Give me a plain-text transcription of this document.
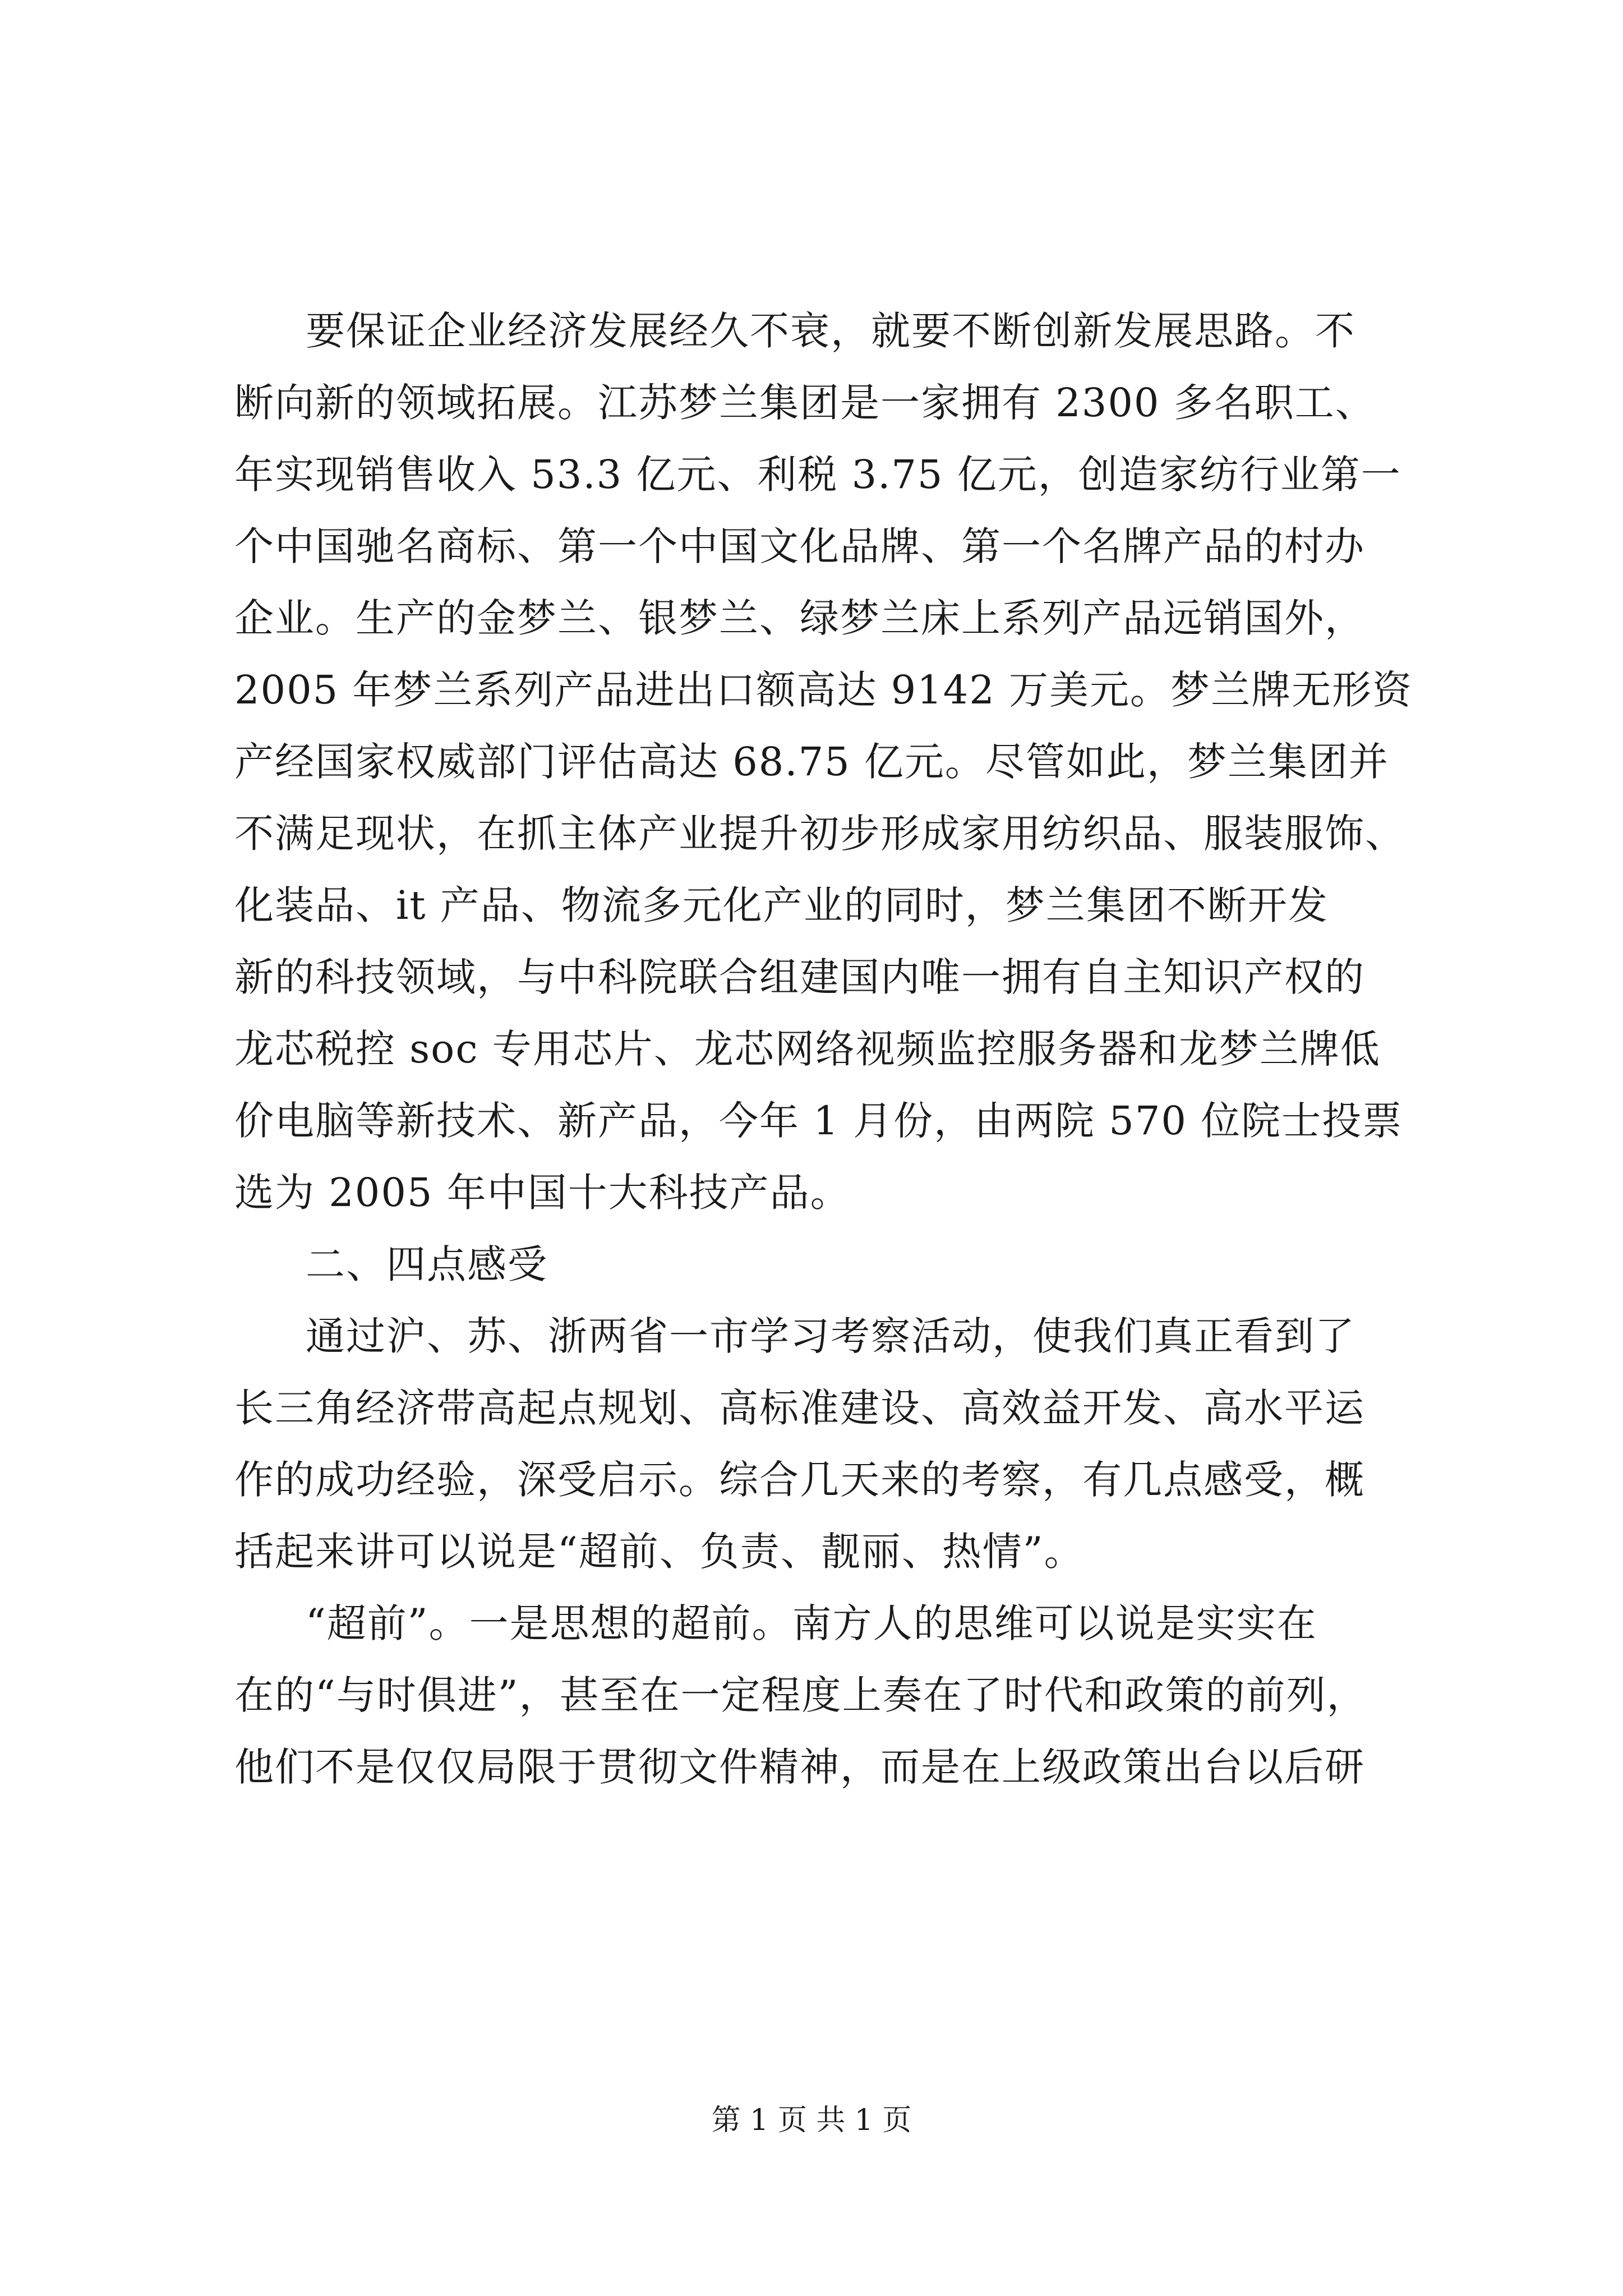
要保证企业经济发展经久不衰，就要不断创新发展思路。不
断向新的领域拓展。江苏梦兰集团是一家拥有 2300 多名职工、
年实现销售收入 53.3 亿元、利税 3.75 亿元，创造家纺行业第一
个中国驰名商标、第一个中国文化品牌、第一个名牌产品的村办
企业。生产的金梦兰、银梦兰、绿梦兰床上系列产品远销国外，
2005 年梦兰系列产品进出口额高达 9142 万美元。梦兰牌无形资
产经国家权威部门评估高达 68.75 亿元。尽管如此，梦兰集团并
不满足现状，在抓主体产业提升初步形成家用纺织品、服装服饰、
化装品、it 产品、物流多元化产业的同时，梦兰集团不断开发
新的科技领域，与中科院联合组建国内唯一拥有自主知识产权的
龙芯税控 soc 专用芯片、龙芯网络视频监控服务器和龙梦兰牌低
价电脑等新技术、新产品，今年 1 月份，由两院 570 位院士投票
选为 2005 年中国十大科技产品。
二、四点感受
通过沪、苏、浙两省一市学习考察活动，使我们真正看到了
长三角经济带高起点规划、高标准建设、高效益开发、高水平运
作的成功经验，深受启示。综合几天来的考察，有几点感受，概
括起来讲可以说是“超前、负责、靓丽、热情”。
“超前”。一是思想的超前。南方人的思维可以说是实实在
在的“与时俱进”，甚至在一定程度上奏在了时代和政策的前列，
他们不是仅仅局限于贯彻文件精神，而是在上级政策出台以后研
第 1 页 共 1 页
